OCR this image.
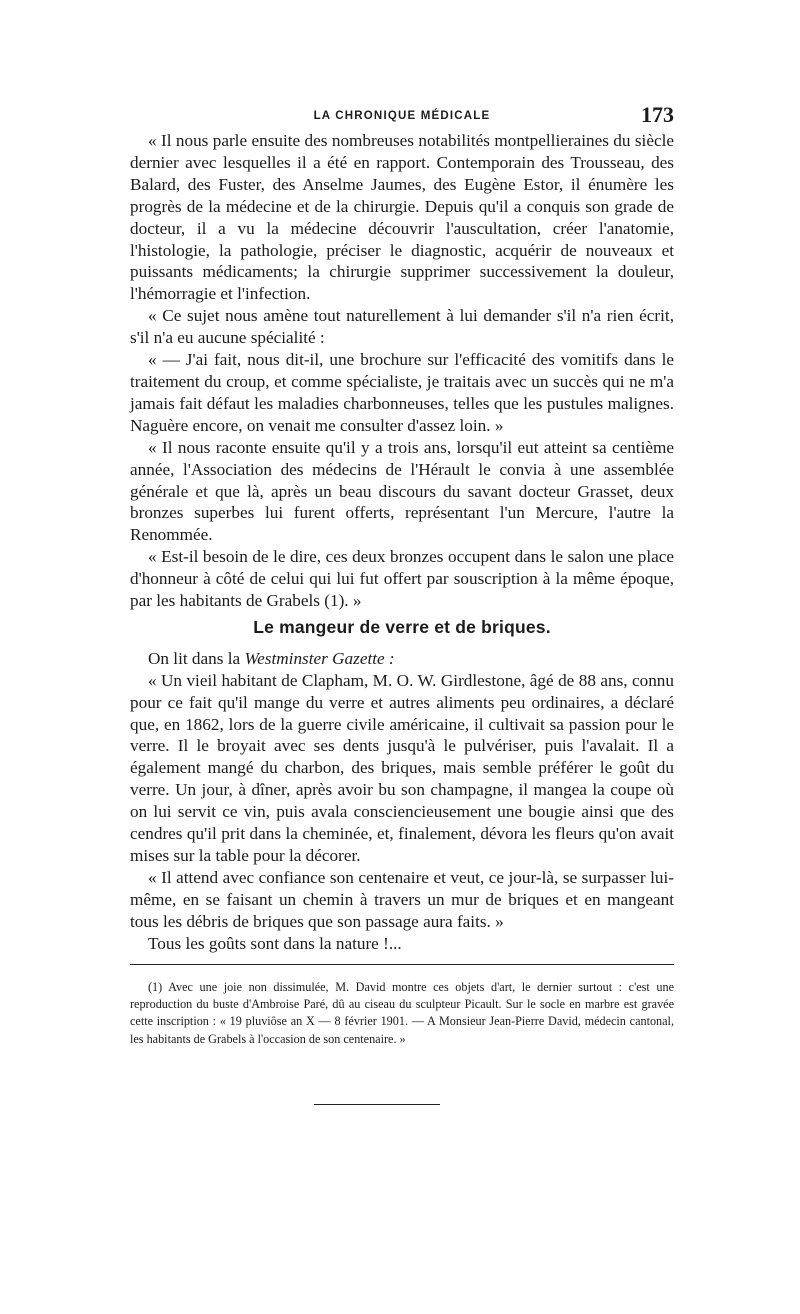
LA CHRONIQUE MÉDICALE	173

« Il nous parle ensuite des nombreuses notabilités montpellieraines du siècle dernier avec lesquelles il a été en rapport. Contemporain des Trousseau, des Balard, des Fuster, des Anselme Jaumes, des Eugène Estor, il énumère les progrès de la médecine et de la chirurgie. Depuis qu'il a conquis son grade de docteur, il a vu la médecine découvrir l'auscultation, créer l'anatomie, l'histologie, la pathologie, préciser le diagnostic, acquérir de nouveaux et puissants médicaments; la chirurgie supprimer successivement la douleur, l'hémorragie et l'infection.

« Ce sujet nous amène tout naturellement à lui demander s'il n'a rien écrit, s'il n'a eu aucune spécialité :

« — J'ai fait, nous dit-il, une brochure sur l'efficacité des vomitifs dans le traitement du croup, et comme spécialiste, je traitais avec un succès qui ne m'a jamais fait défaut les maladies charbonneuses, telles que les pustules malignes. Naguère encore, on venait me consulter d'assez loin. »

« Il nous raconte ensuite qu'il y a trois ans, lorsqu'il eut atteint sa centième année, l'Association des médecins de l'Hérault le convia à une assemblée générale et que là, après un beau discours du savant docteur Grasset, deux bronzes superbes lui furent offerts, représentant l'un Mercure, l'autre la Renommée.

« Est-il besoin de le dire, ces deux bronzes occupent dans le salon une place d'honneur à côté de celui qui lui fut offert par souscription à la même époque, par les habitants de Grabels (1). »

Le mangeur de verre et de briques.

On lit dans la Westminster Gazette :

« Un vieil habitant de Clapham, M. O. W. Girdlestone, âgé de 88 ans, connu pour ce fait qu'il mange du verre et autres aliments peu ordinaires, a déclaré que, en 1862, lors de la guerre civile américaine, il cultivait sa passion pour le verre. Il le broyait avec ses dents jusqu'à le pulvériser, puis l'avalait. Il a également mangé du charbon, des briques, mais semble préférer le goût du verre. Un jour, à dîner, après avoir bu son champagne, il mangea la coupe où on lui servit ce vin, puis avala consciencieusement une bougie ainsi que des cendres qu'il prit dans la cheminée, et, finalement, dévora les fleurs qu'on avait mises sur la table pour la décorer.

« Il attend avec confiance son centenaire et veut, ce jour-là, se surpasser lui-même, en se faisant un chemin à travers un mur de briques et en mangeant tous les débris de briques que son passage aura faits. »

Tous les goûts sont dans la nature !...

(1) Avec une joie non dissimulée, M. David montre ces objets d'art, le dernier surtout : c'est une reproduction du buste d'Ambroise Paré, dû au ciseau du sculpteur Picault. Sur le socle en marbre est gravée cette inscription : « 19 pluviôse an X — 8 février 1901. — A Monsieur Jean-Pierre David, médecin cantonal, les habitants de Grabels à l'occasion de son centenaire. »
